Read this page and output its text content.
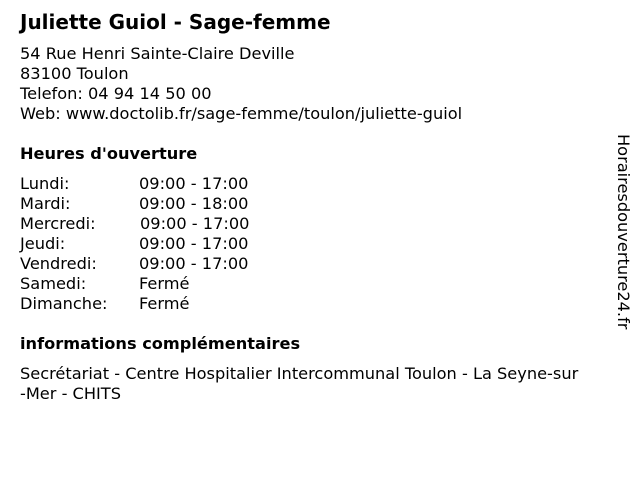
Juliette Guiol - Sage-femme
54 Rue Henri Sainte-Claire Deville
83100 Toulon
Telefon: 04 94 14 50 00
Web: www.doctolib.fr/sage-femme/toulon/juliette-guiol
Heures d'ouverture
Lundi:	09:00 - 17:00
Mardi:	09:00 - 18:00
Mercredi:	09:00 - 17:00
Jeudi:	09:00 - 17:00
Vendredi:	09:00 - 17:00
Samedi:	Fermé
Dimanche: Fermé
informations complémentaires
Secrétariat - Centre Hospitalier Intercommunal Toulon - La Seyne-sur
-Mer - CHITS
Horairesdouverture24.fr
